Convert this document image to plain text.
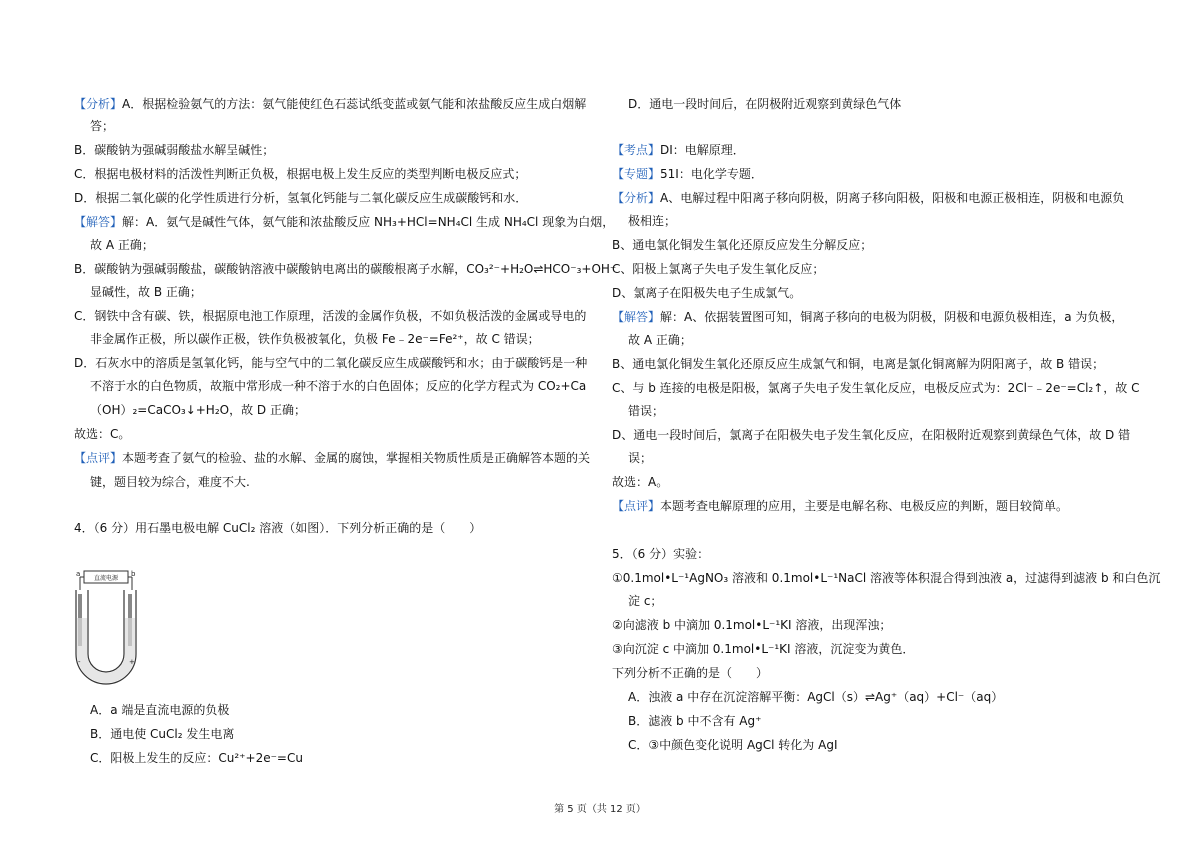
【分析】A．根据检验氨气的方法：氨气能使红色石蕊试纸变蓝或氨气能和浓盐酸反应生成白烟解
答；
B．碳酸钠为强碱弱酸盐水解呈碱性；
C．根据电极材料的活泼性判断正负极，根据电极上发生反应的类型判断电极反应式；
D．根据二氧化碳的化学性质进行分析，氢氧化钙能与二氧化碳反应生成碳酸钙和水．
【解答】解：A．氨气是碱性气体，氨气能和浓盐酸反应 NH₃+HCl=NH₄Cl 生成 NH₄Cl 现象为白烟，
故 A 正确；
B．碳酸钠为强碱弱酸盐，碳酸钠溶液中碳酸钠电离出的碳酸根离子水解，CO₃²⁻+H₂O⇌HCO⁻₃+OH⁻
显碱性，故 B 正确；
C．钢铁中含有碳、铁，根据原电池工作原理，活泼的金属作负极，不如负极活泼的金属或导电的
非金属作正极，所以碳作正极，铁作负极被氧化，负极 Fe﹣2e⁻=Fe²⁺，故 C 错误；
D．石灰水中的溶质是氢氧化钙，能与空气中的二氧化碳反应生成碳酸钙和水；由于碳酸钙是一种
不溶于水的白色物质，故瓶中常形成一种不溶于水的白色固体；反应的化学方程式为 CO₂+Ca
（OH）₂=CaCO₃↓+H₂O，故 D 正确；
故选：C。
【点评】本题考查了氨气的检验、盐的水解、金属的腐蚀，掌握相关物质性质是正确解答本题的关
键，题目较为综合，难度不大.
4．（6 分）用石墨电极电解 CuCl₂ 溶液（如图）．下列分析正确的是（　　）
直流电源
a	b
-	+
A．a 端是直流电源的负极
B．通电使 CuCl₂ 发生电离
C．阳极上发生的反应：Cu²⁺+2e⁻=Cu
D．通电一段时间后，在阴极附近观察到黄绿色气体
【考点】DI：电解原理．
【专题】51I：电化学专题．
【分析】A、电解过程中阳离子移向阴极，阴离子移向阳极，阳极和电源正极相连，阴极和电源负
极相连；
B、通电氯化铜发生氧化还原反应发生分解反应；
C、阳极上氯离子失电子发生氧化反应；
D、氯离子在阳极失电子生成氯气。
【解答】解：A、依据装置图可知，铜离子移向的电极为阴极，阴极和电源负极相连，a 为负极，
故 A 正确；
B、通电氯化铜发生氧化还原反应生成氯气和铜，电离是氯化铜离解为阴阳离子，故 B 错误；
C、与 b 连接的电极是阳极，氯离子失电子发生氧化反应，电极反应式为：2Cl⁻﹣2e⁻=Cl₂↑，故 C
错误；
D、通电一段时间后，氯离子在阳极失电子发生氧化反应，在阳极附近观察到黄绿色气体，故 D 错
误；
故选：A。
【点评】本题考查电解原理的应用，主要是电解名称、电极反应的判断，题目较简单。
5．（6 分）实验：
①0.1mol•L⁻¹AgNO₃ 溶液和 0.1mol•L⁻¹NaCl 溶液等体积混合得到浊液 a，过滤得到滤液 b 和白色沉
淀 c；
②向滤液 b 中滴加 0.1mol•L⁻¹KI 溶液，出现浑浊；
③向沉淀 c 中滴加 0.1mol•L⁻¹KI 溶液，沉淀变为黄色．
下列分析不正确的是（　　）
A．浊液 a 中存在沉淀溶解平衡：AgCl（s）⇌Ag⁺（aq）+Cl⁻（aq）
B．滤液 b 中不含有 Ag⁺
C．③中颜色变化说明 AgCl 转化为 AgI
第 5 页（共 12 页）
